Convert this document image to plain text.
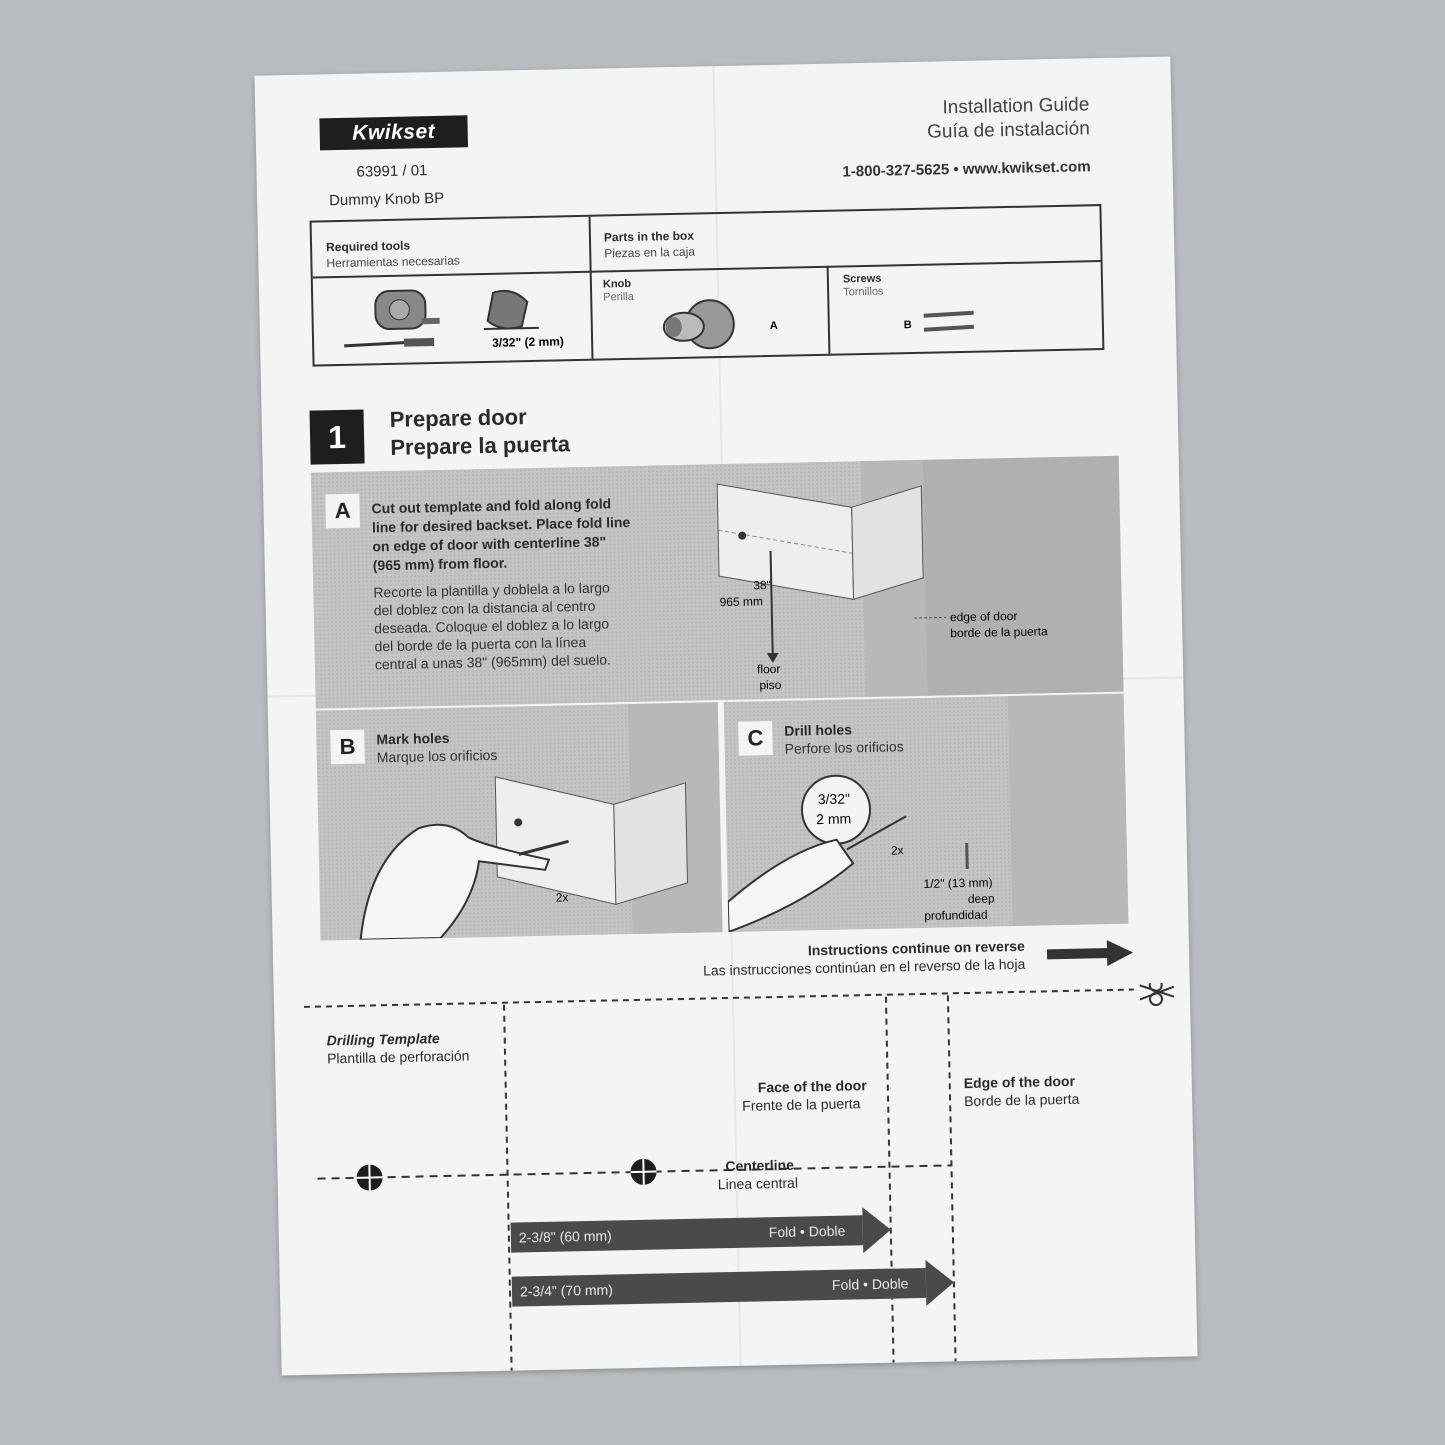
Kwikset
63991 / 01
Dummy Knob BP
Installation Guide
Guía de instalación
1-800-327-5625 • www.kwikset.com
Required tools
Herramientas necesarias
Parts in the box
Piezas en la caja
3/32" (2 mm)
Knob
Perilla
A
Screws
Tornillos
B
1
Prepare door
Prepare la puerta
A	Cut out template and fold along fold line for desired backset. Place fold line on edge of door with centerline 38" (965 mm) from floor.
Recorte la plantilla y doblela a lo largo del doblez con la distancia al centro deseada. Coloque el doblez a lo largo del borde de la puerta con la línea central a unas 38" (965mm) del suelo.
38"
965 mm
floor
piso
edge of door
borde de la puerta
B	Mark holes
Marque los orificios
2x
C	Drill holes
Perfore los orificios
3/32"
2 mm
2x
1/2" (13 mm)
deep
profundidad
Instructions continue on reverse
Las instrucciones continúan en el reverso de la hoja
2-3/8" (60 mm)	Fold • Doble
2-3/4" (70 mm)	Fold • Doble
Drilling Template
Plantilla de perforación
Face of the door
Frente de la puerta
Edge of the door
Borde de la puerta
Centerline
Linea central
